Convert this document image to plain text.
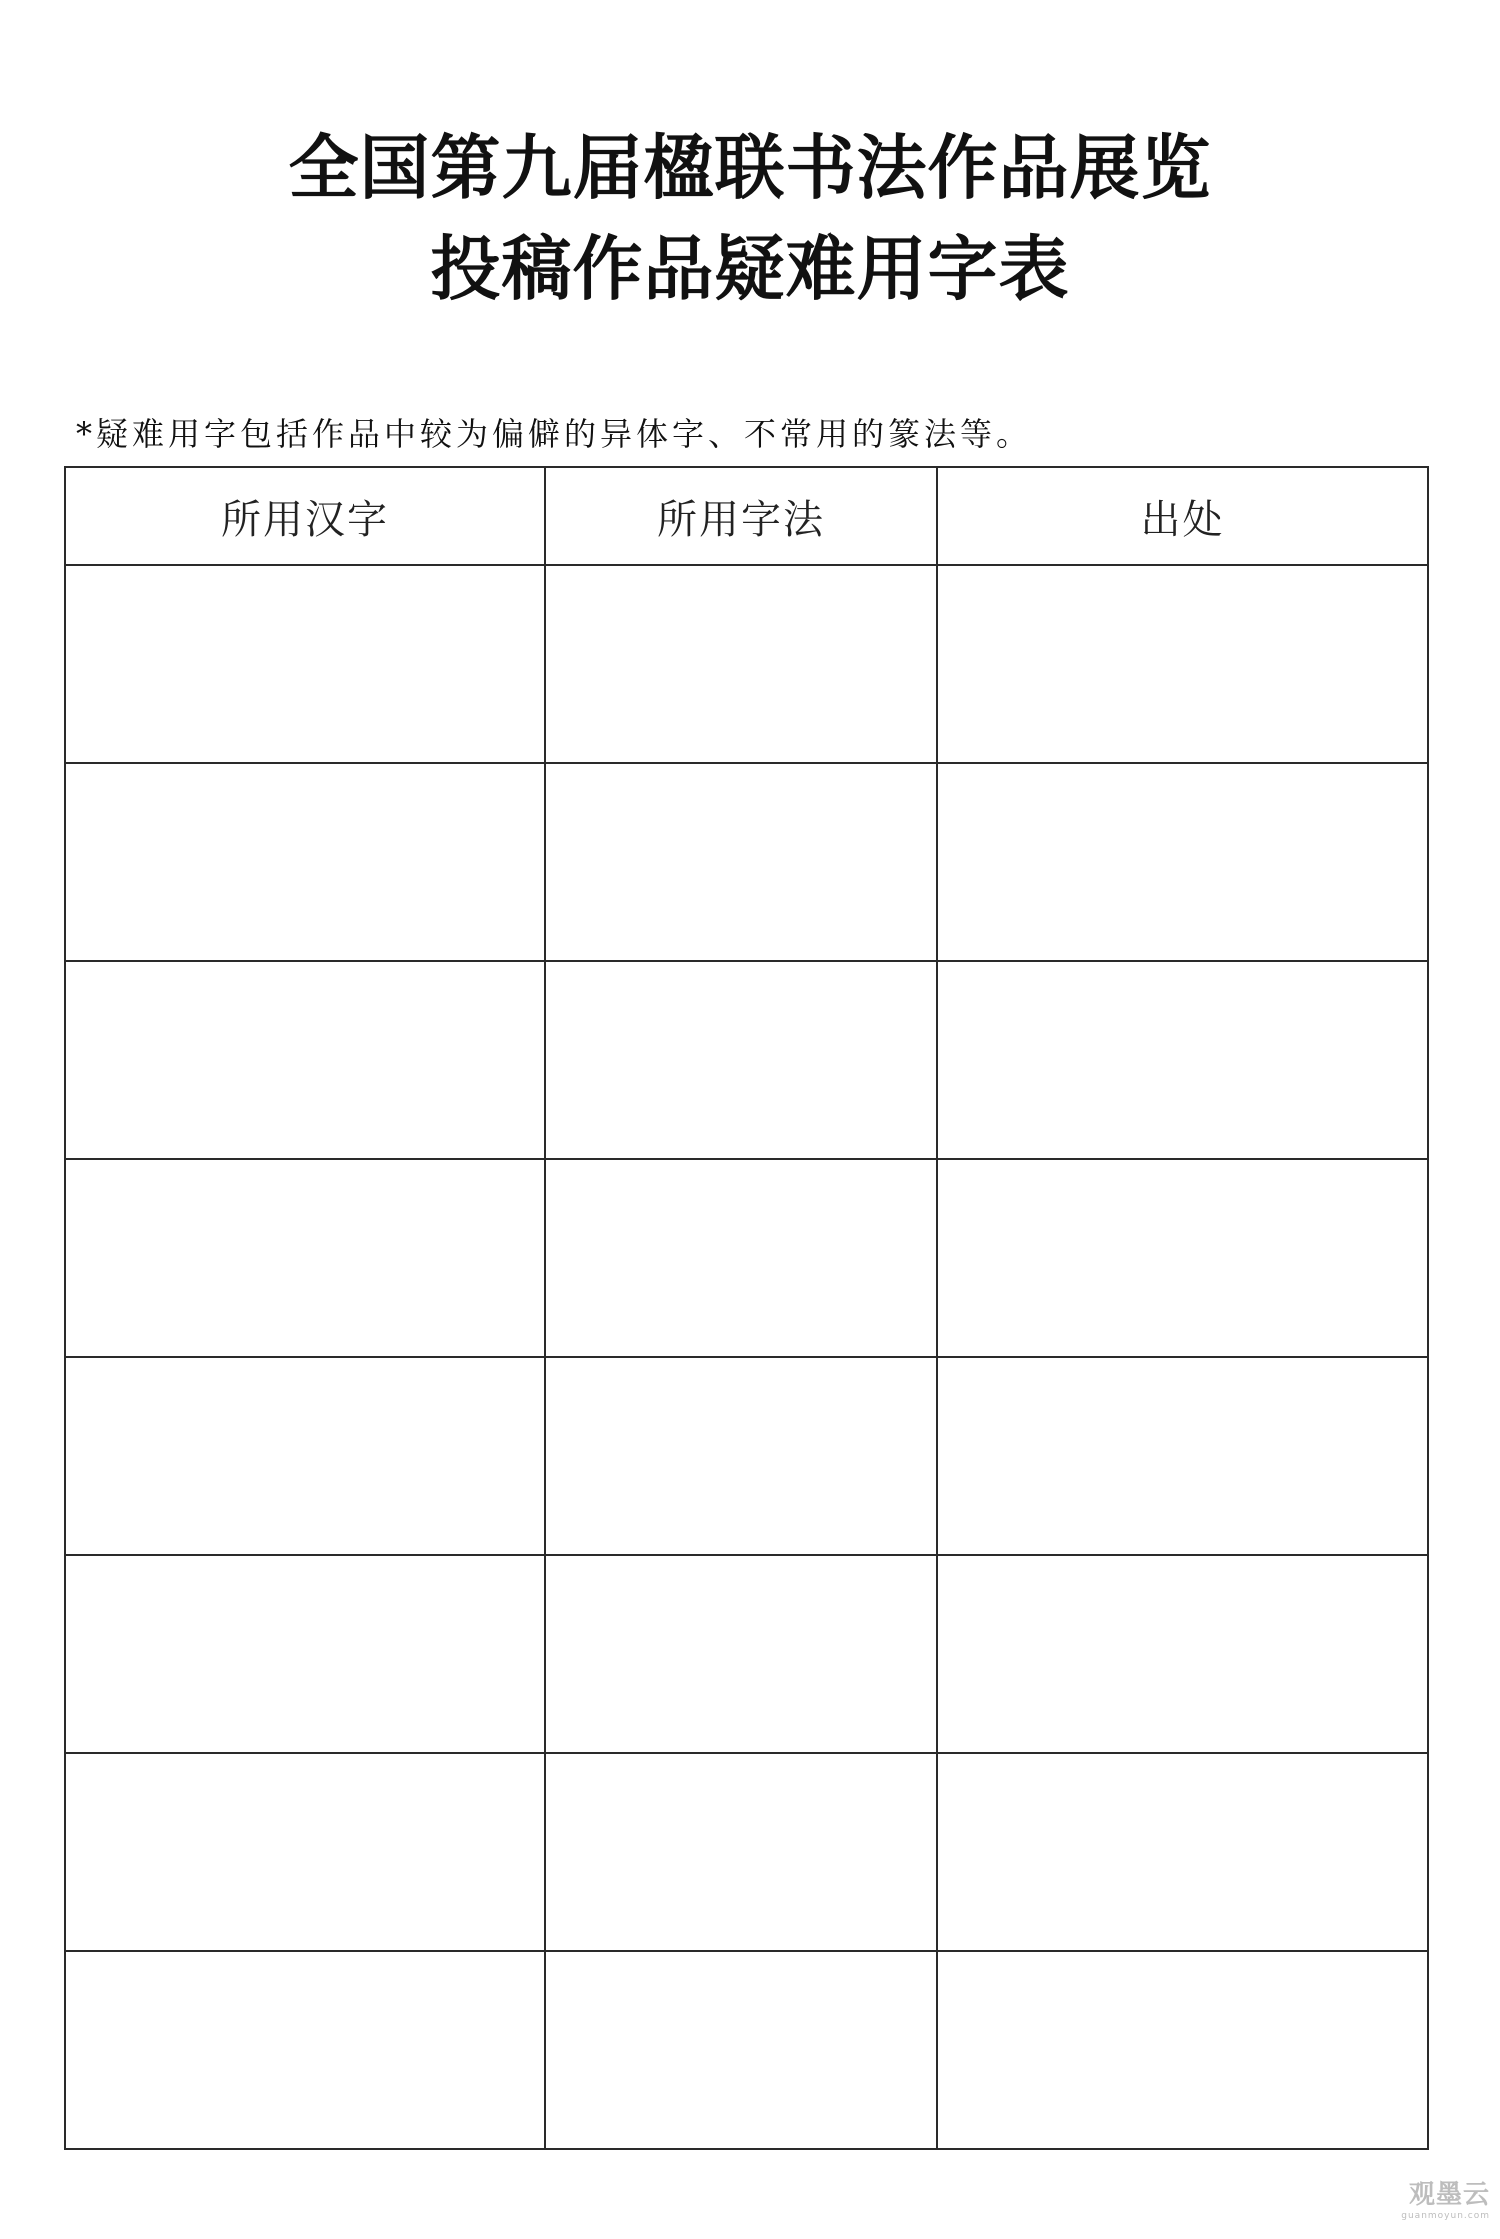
全国第九届楹联书法作品展览
投稿作品疑难用字表
*疑难用字包括作品中较为偏僻的异体字、不常用的篆法等。
所用汉字	所用字法	出处

观墨云
guanmoyun.com
